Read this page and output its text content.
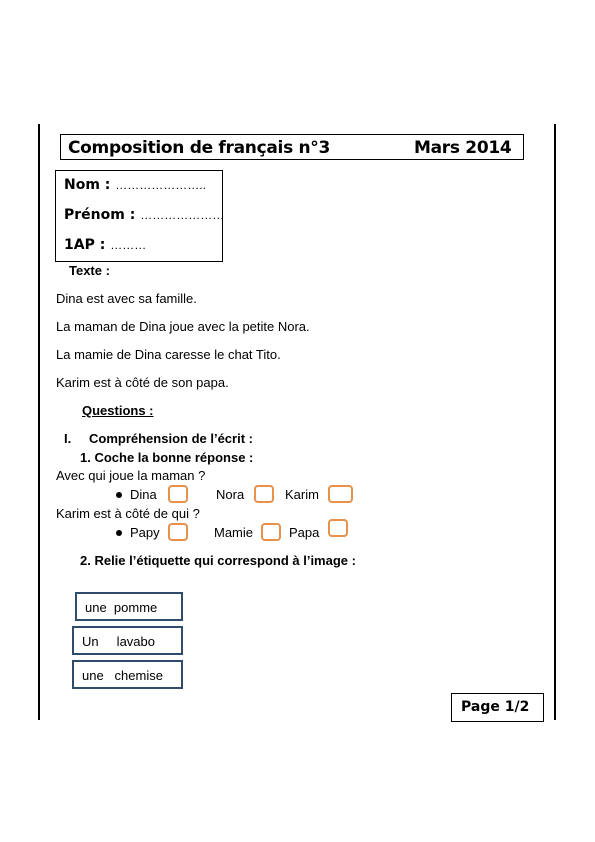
Composition de français n°3	Mars 2014
Nom : …………………..
Prénom : …………………
1AP : ………
Texte :
Dina est avec sa famille.
La maman de Dina joue avec la petite Nora.
La mamie de Dina caresse le chat Tito.
Karim est à côté de son papa.
Questions :
I. Compréhension de l’écrit :
1. Coche la bonne réponse :
Avec qui joue la maman ?
Dina	Nora	Karim
Karim est à côté de qui ?
Papy	Mamie	Papa
2. Relie l’étiquette qui correspond à l’image :
une  pomme
Un     lavabo
une   chemise
Page 1/2
